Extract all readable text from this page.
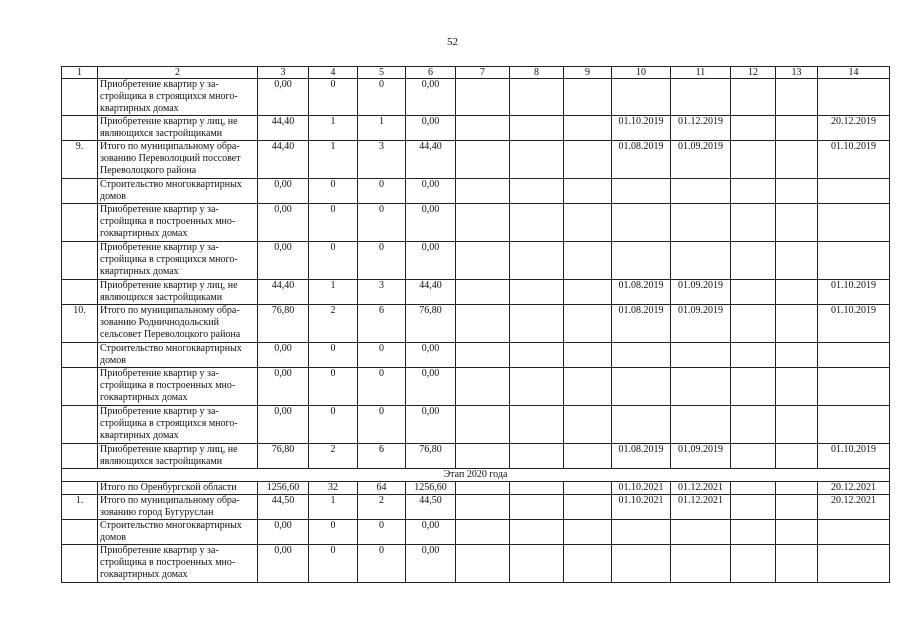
52
1	2	3	4	5	6	7	8	9	10	11	12	13	14
	Приобретение квартир у за-стройщика в строящихся много-квартирных домах	0,00	0	0	0,00								
	Приобретение квартир у лиц, не являющихся застройщиками	44,40	1	1	0,00				01.10.2019	01.12.2019			20.12.2019
9.	Итого по муниципальному обра-зованию Переволоцкий поссовет Переволоцкого района	44,40	1	3	44,40				01.08.2019	01.09.2019			01.10.2019
	Строительство многоквартирных домов	0,00	0	0	0,00								
	Приобретение квартир у за-стройщика в построенных мно-гоквартирных домах	0,00	0	0	0,00								
	Приобретение квартир у за-стройщика в строящихся много-квартирных домах	0,00	0	0	0,00								
	Приобретение квартир у лиц, не являющихся застройщиками	44,40	1	3	44,40				01.08.2019	01.09.2019			01.10.2019
10.	Итого по муниципальному обра-зованию Родничнодольский сельсовет Переволоцкого района	76,80	2	6	76,80				01.08.2019	01.09.2019			01.10.2019
	Строительство многоквартирных домов	0,00	0	0	0,00								
	Приобретение квартир у за-стройщика в построенных мно-гоквартирных домах	0,00	0	0	0,00								
	Приобретение квартир у за-стройщика в строящихся много-квартирных домах	0,00	0	0	0,00								
	Приобретение квартир у лиц, не являющихся застройщиками	76,80	2	6	76,80				01.08.2019	01.09.2019			01.10.2019
Этап 2020 года													
	Итого по Оренбургской области	1256,60	32	64	1256,60				01.10.2021	01.12.2021			20.12.2021
1.	Итого по муниципальному обра-зованию город Бугуруслан	44,50	1	2	44,50				01.10.2021	01.12.2021			20.12.2021
	Строительство многоквартирных домов	0,00	0	0	0,00								
	Приобретение квартир у за-стройщика в построенных мно-гоквартирных домах	0,00	0	0	0,00								
